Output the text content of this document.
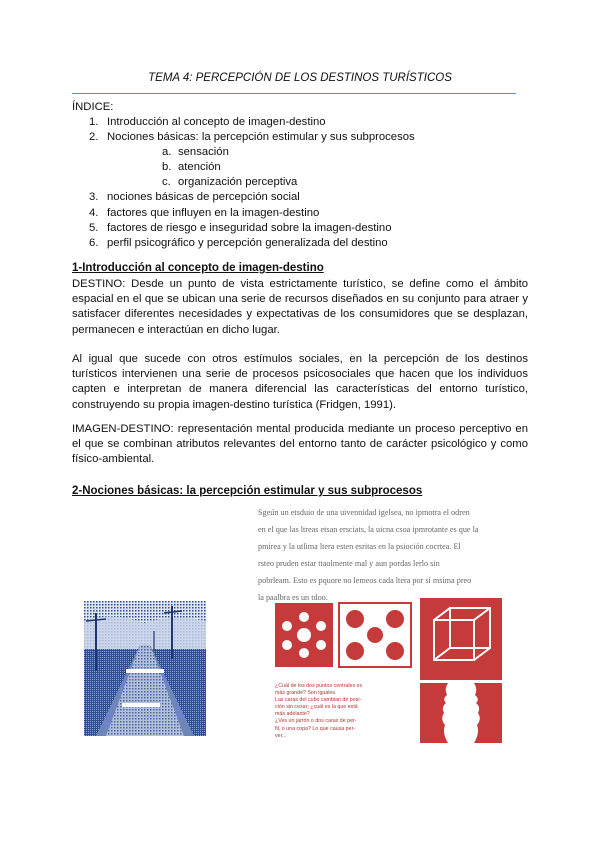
TEMA 4: PERCEPCIÓN DE LOS DESTINOS TURÍSTICOS
ÍNDICE:
1. Introducción al concepto de imagen-destino
2. Nociones básicas: la percepción estimular y sus subprocesos
a. sensación
b. atención
c. organización perceptiva
3. nociones básicas de percepción social
4. factores que influyen en la imagen-destino
5. factores de riesgo e inseguridad sobre la imagen-destino
6. perfil psicográfico y percepción generalizada del destino
1-Introducción al concepto de imagen-destino
DESTINO: Desde un punto de vista estrictamente turístico, se define como el ámbito espacial en el que se ubican una serie de recursos diseñados en su conjunto para atraer y satisfacer diferentes necesidades y expectativas de los consumidores que se desplazan, permanecen e interactúan en dicho lugar.
Al igual que sucede con otros estímulos sociales, en la percepción de los destinos turísticos intervienen una serie de procesos psicosociales que hacen que los individuos capten e interpretan de manera diferencial las características del entorno turístico, construyendo su propia imagen-destino turística (Fridgen, 1991).
IMAGEN-DESTINO: representación mental producida mediante un proceso perceptivo en el que se combinan atributos relevantes del entorno tanto de carácter psicológico y como físico-ambiental.
2-Nociones básicas: la percepción estimular y sus subprocesos
Sgeún un etsduio de una uivennidad igelsea, no ipmotra el odren
en el que las ltreas etsan ersciats, la uicna csoa ipmrotante es que la
pmirea y la utlima ltera esten esritas en la psioción cocrtea. El
rsteo pruden estar ttaolmente mal y aun pordas lerlo sin
pobrleam. Esto es pquore no lemeos cada ltera por sí msima preo
la paalbra es un tdoo.
¿Cuál de los dos puntos centrales es
más grande? Son iguales.
Las caras del cubo cambian de posi-
ción sin cesar; ¿cuál es la que está
más adelante?
¿Ves un jarrón o dos caras de per-
fil, o una copa? Lo que causa per-
ver...
